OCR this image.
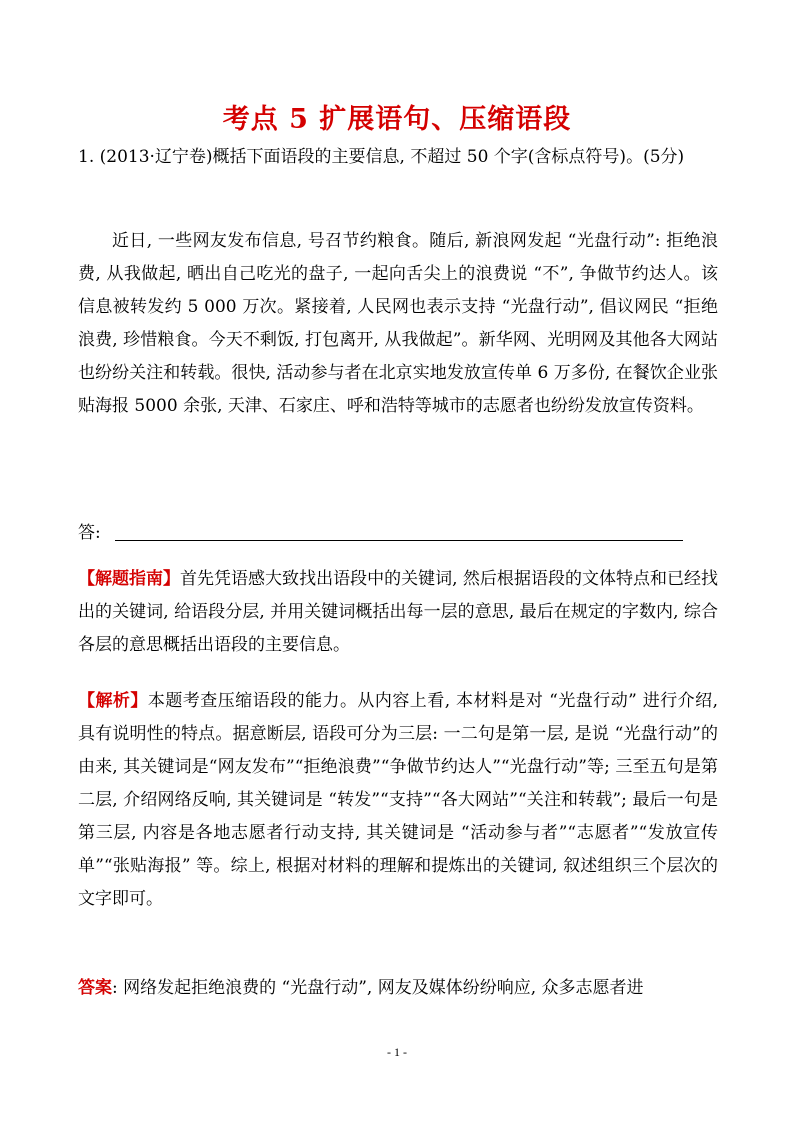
考点 5 扩展语句、压缩语段
1. (2013·辽宁卷)概括下面语段的主要信息, 不超过 50 个字(含标点符号)。(5分)
近日, 一些网友发布信息, 号召节约粮食。随后, 新浪网发起 “光盘行动”: 拒绝浪费, 从我做起, 晒出自己吃光的盘子, 一起向舌尖上的浪费说 “不”, 争做节约达人。该信息被转发约 5 000 万次。紧接着, 人民网也表示支持 “光盘行动”, 倡议网民 “拒绝浪费, 珍惜粮食。今天不剩饭, 打包离开, 从我做起”。新华网、光明网及其他各大网站也纷纷关注和转载。很快, 活动参与者在北京实地发放宣传单 6 万多份, 在餐饮企业张贴海报 5000 余张, 天津、石家庄、呼和浩特等城市的志愿者也纷纷发放宣传资料。
答:
【解题指南】首先凭语感大致找出语段中的关键词, 然后根据语段的文体特点和已经找出的关键词, 给语段分层, 并用关键词概括出每一层的意思, 最后在规定的字数内, 综合各层的意思概括出语段的主要信息。
【解析】本题考查压缩语段的能力。从内容上看, 本材料是对 “光盘行动” 进行介绍, 具有说明性的特点。据意断层, 语段可分为三层: 一二句是第一层, 是说 “光盘行动”的由来, 其关键词是“网友发布”“拒绝浪费”“争做节约达人”“光盘行动”等; 三至五句是第二层, 介绍网络反响, 其关键词是 “转发”“支持”“各大网站”“关注和转载”; 最后一句是第三层, 内容是各地志愿者行动支持, 其关键词是 “活动参与者”“志愿者”“发放宣传单”“张贴海报” 等。综上, 根据对材料的理解和提炼出的关键词, 叙述组织三个层次的文字即可。
答案: 网络发起拒绝浪费的 “光盘行动”, 网友及媒体纷纷响应, 众多志愿者进
- 1 -
